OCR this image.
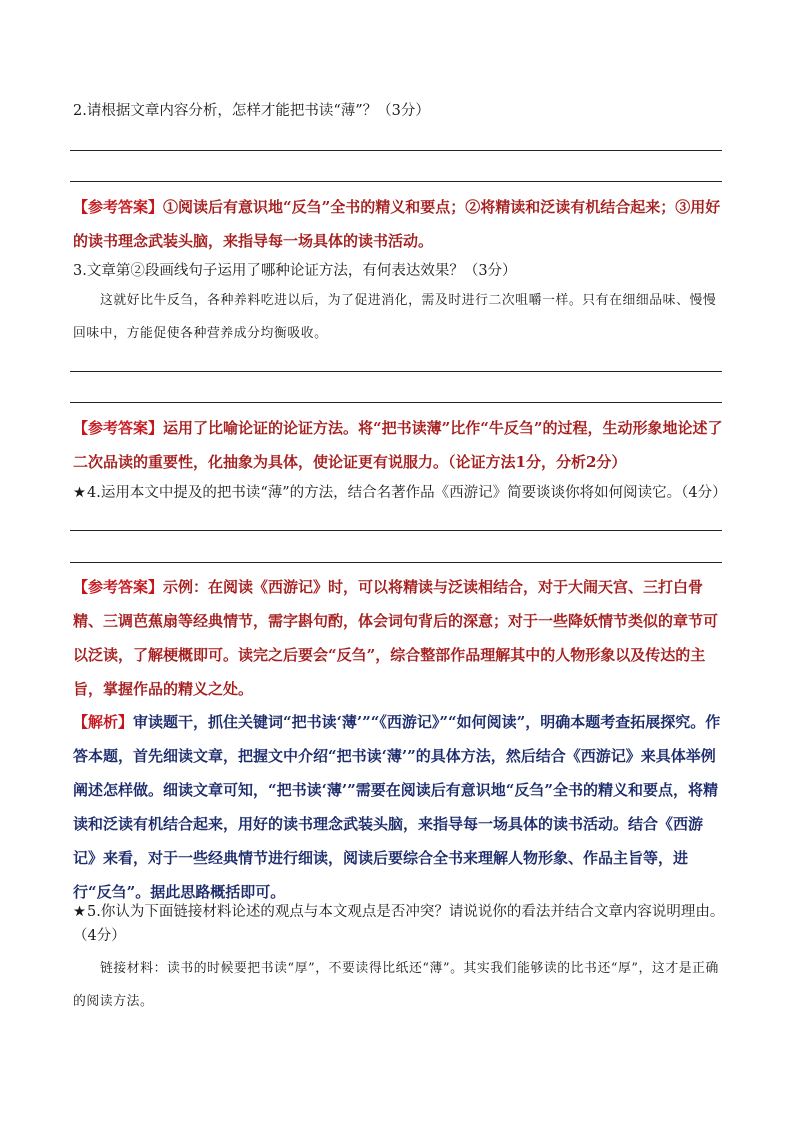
2.请根据文章内容分析，怎样才能把书读“薄”？（3分）
【参考答案】①阅读后有意识地“反刍”全书的精义和要点；②将精读和泛读有机结合起来；③用好的读书理念武装头脑，来指导每一场具体的读书活动。
3.文章第②段画线句子运用了哪种论证方法，有何表达效果？（3分）
这就好比牛反刍，各种养料吃进以后，为了促进消化，需及时进行二次咀嚼一样。只有在细细品味、慢慢回味中，方能促使各种营养成分均衡吸收。
【参考答案】运用了比喻论证的论证方法。将“把书读薄”比作“牛反刍”的过程，生动形象地论述了二次品读的重要性，化抽象为具体，使论证更有说服力。（论证方法1分，分析2分）
★4.运用本文中提及的把书读“薄”的方法，结合名著作品《西游记》简要谈谈你将如何阅读它。（4分）
【参考答案】示例：在阅读《西游记》时，可以将精读与泛读相结合，对于大闹天宫、三打白骨精、三调芭蕉扇等经典情节，需字斟句酌，体会词句背后的深意；对于一些降妖情节类似的章节可以泛读，了解梗概即可。读完之后要会“反刍”，综合整部作品理解其中的人物形象以及传达的主旨，掌握作品的精义之处。
【解析】审读题干，抓住关键词“把书读‘薄’”“《西游记》”“如何阅读”，明确本题考查拓展探究。作答本题，首先细读文章，把握文中介绍“把书读‘薄’”的具体方法，然后结合《西游记》来具体举例阐述怎样做。细读文章可知，“把书读‘薄’”需要在阅读后有意识地“反刍”全书的精义和要点，将精读和泛读有机结合起来，用好的读书理念武装头脑，来指导每一场具体的读书活动。结合《西游记》来看，对于一些经典情节进行细读，阅读后要综合全书来理解人物形象、作品主旨等，进行“反刍”。据此思路概括即可。
★5.你认为下面链接材料论述的观点与本文观点是否冲突？请说说你的看法并结合文章内容说明理由。（4分）
链接材料：读书的时候要把书读“厚”，不要读得比纸还“薄”。其实我们能够读的比书还“厚”，这才是正确的阅读方法。
